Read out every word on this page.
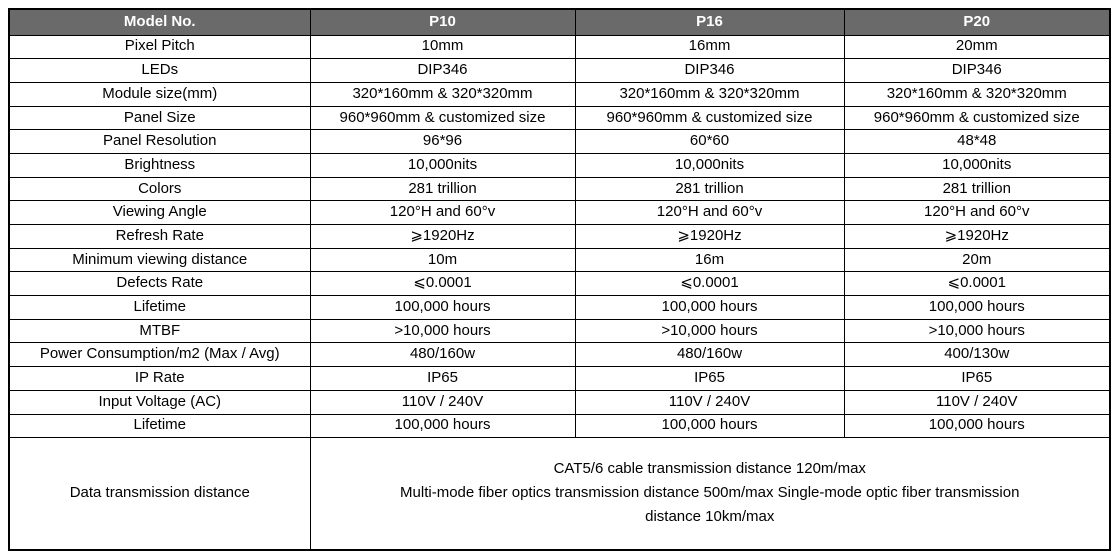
Model No.	P10	P16	P20
Pixel Pitch	10mm	16mm	20mm
LEDs	DIP346	DIP346	DIP346
Module size(mm)	320*160mm & 320*320mm	320*160mm & 320*320mm	320*160mm & 320*320mm
Panel Size	960*960mm & customized size	960*960mm & customized size	960*960mm & customized size
Panel Resolution	96*96	60*60	48*48
Brightness	10,000nits	10,000nits	10,000nits
Colors	281 trillion	281 trillion	281 trillion
Viewing Angle	120°H and 60°v	120°H and 60°v	120°H and 60°v
Refresh Rate	⩾1920Hz	⩾1920Hz	⩾1920Hz
Minimum viewing distance	10m	16m	20m
Defects Rate	⩽0.0001	⩽0.0001	⩽0.0001
Lifetime	100,000 hours	100,000 hours	100,000 hours
MTBF	>10,000 hours	>10,000 hours	>10,000 hours
Power Consumption/m2 (Max / Avg)	480/160w	480/160w	400/130w
IP Rate	IP65	IP65	IP65
Input Voltage (AC)	110V / 240V	110V / 240V	110V / 240V
Lifetime	100,000 hours	100,000 hours	100,000 hours
Data transmission distance	CAT5/6 cable transmission distance 120m/max
Multi-mode fiber optics transmission distance 500m/max Single-mode optic fiber transmission
distance 10km/max		
